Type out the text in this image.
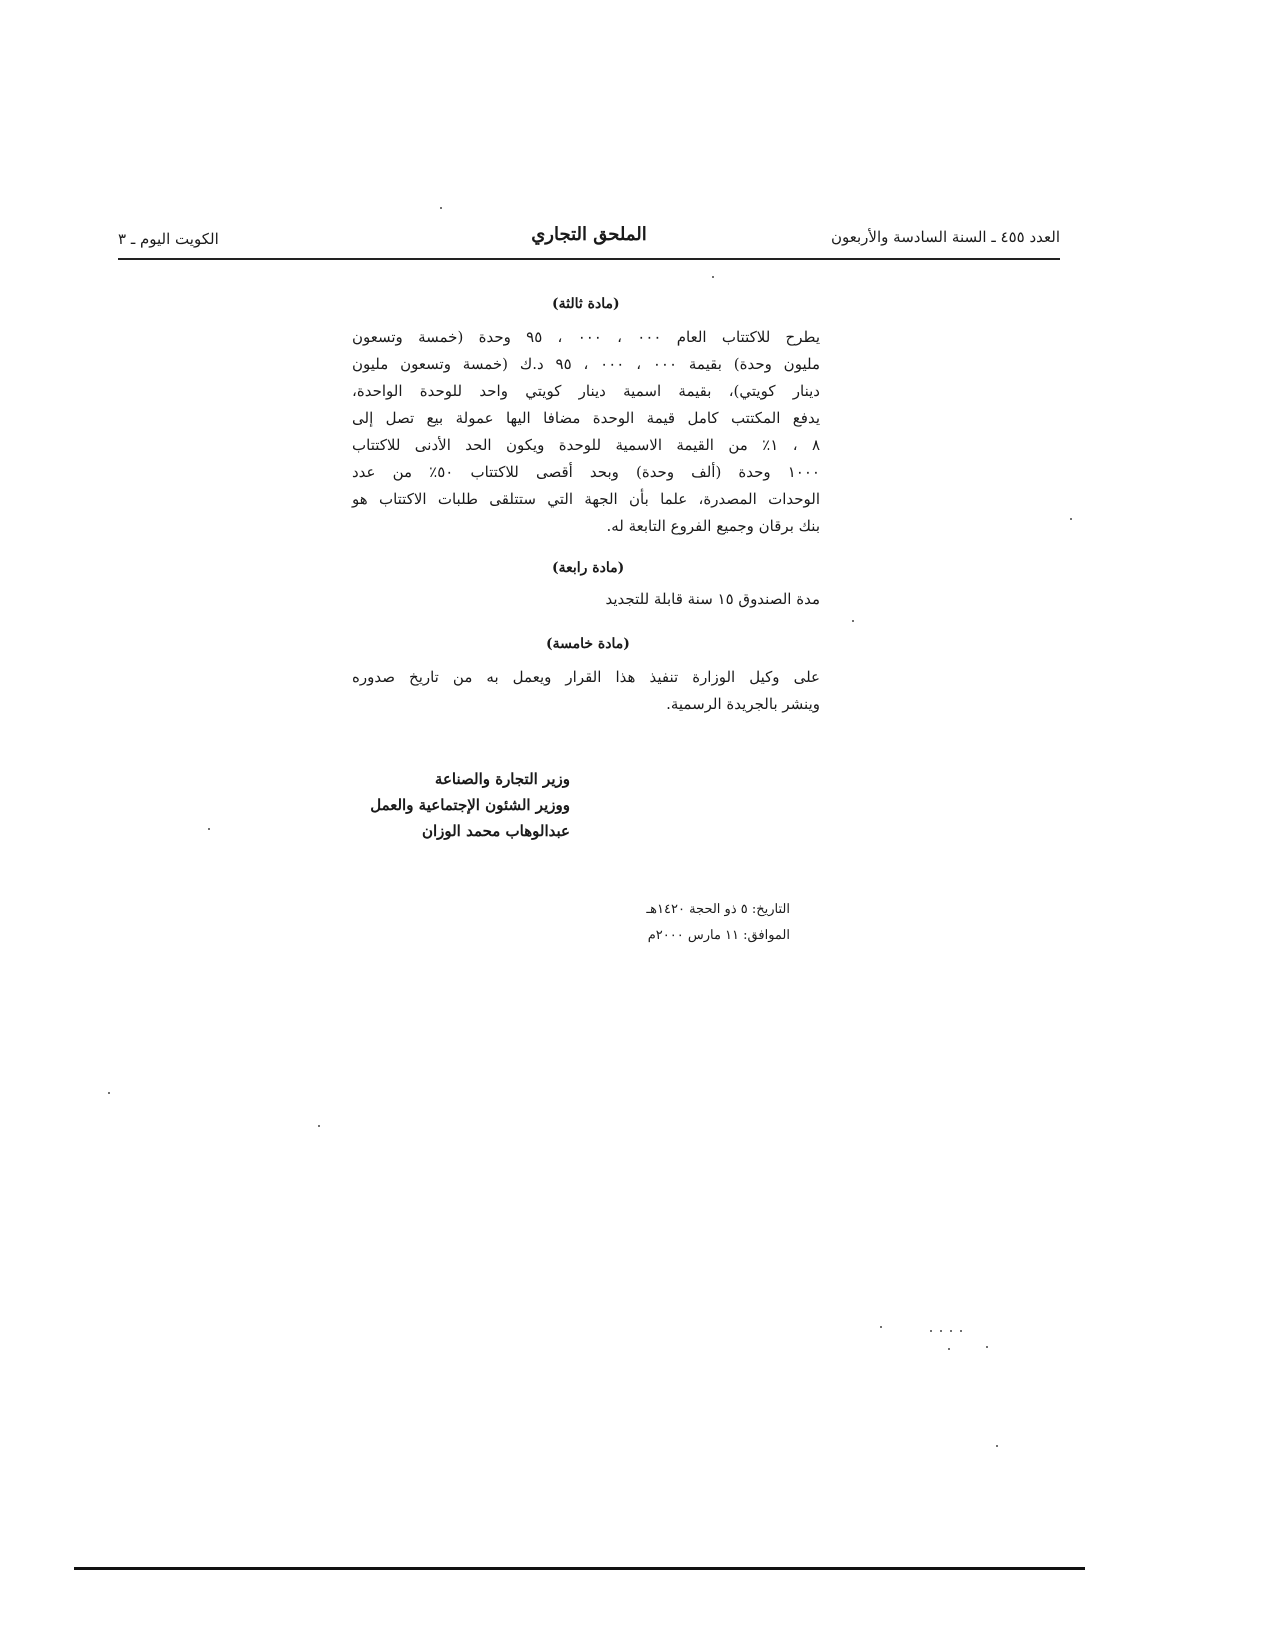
العدد ٤٥٥ ـ السنة السادسة والأربعون
الملحق التجاري
الكويت اليوم ـ ٣
(مادة ثالثة)
يطرح للاكتتاب العام ٠٠٠ ، ٠٠٠ ، ٩٥ وحدة (خمسة وتسعون
مليون وحدة) بقيمة ٠٠٠ ، ٠٠٠ ، ٩٥ د.ك (خمسة وتسعون مليون
دينار كويتي)، بقيمة اسمية دينار كويتي واحد للوحدة الواحدة،
يدفع المكتتب كامل قيمة الوحدة مضافا اليها عمولة بيع تصل إلى
٨ ، ١٪ من القيمة الاسمية للوحدة ويكون الحد الأدنى للاكتتاب
١٠٠٠ وحدة (ألف وحدة) وبحد أقصى للاكتتاب ٥٠٪ من عدد
الوحدات المصدرة، علما بأن الجهة التي ستتلقى طلبات الاكتتاب هو
بنك برقان وجميع الفروع التابعة له.
(مادة رابعة)
مدة الصندوق ١٥ سنة قابلة للتجديد
(مادة خامسة)
على وكيل الوزارة تنفيذ هذا القرار ويعمل به من تاريخ صدوره
وينشر بالجريدة الرسمية.
وزير التجارة والصناعة
ووزير الشئون الإجتماعية والعمل
عبدالوهاب محمد الوزان
التاريخ: ٥ ذو الحجة ١٤٢٠هـ
الموافق: ١١ مارس ٢٠٠٠م
